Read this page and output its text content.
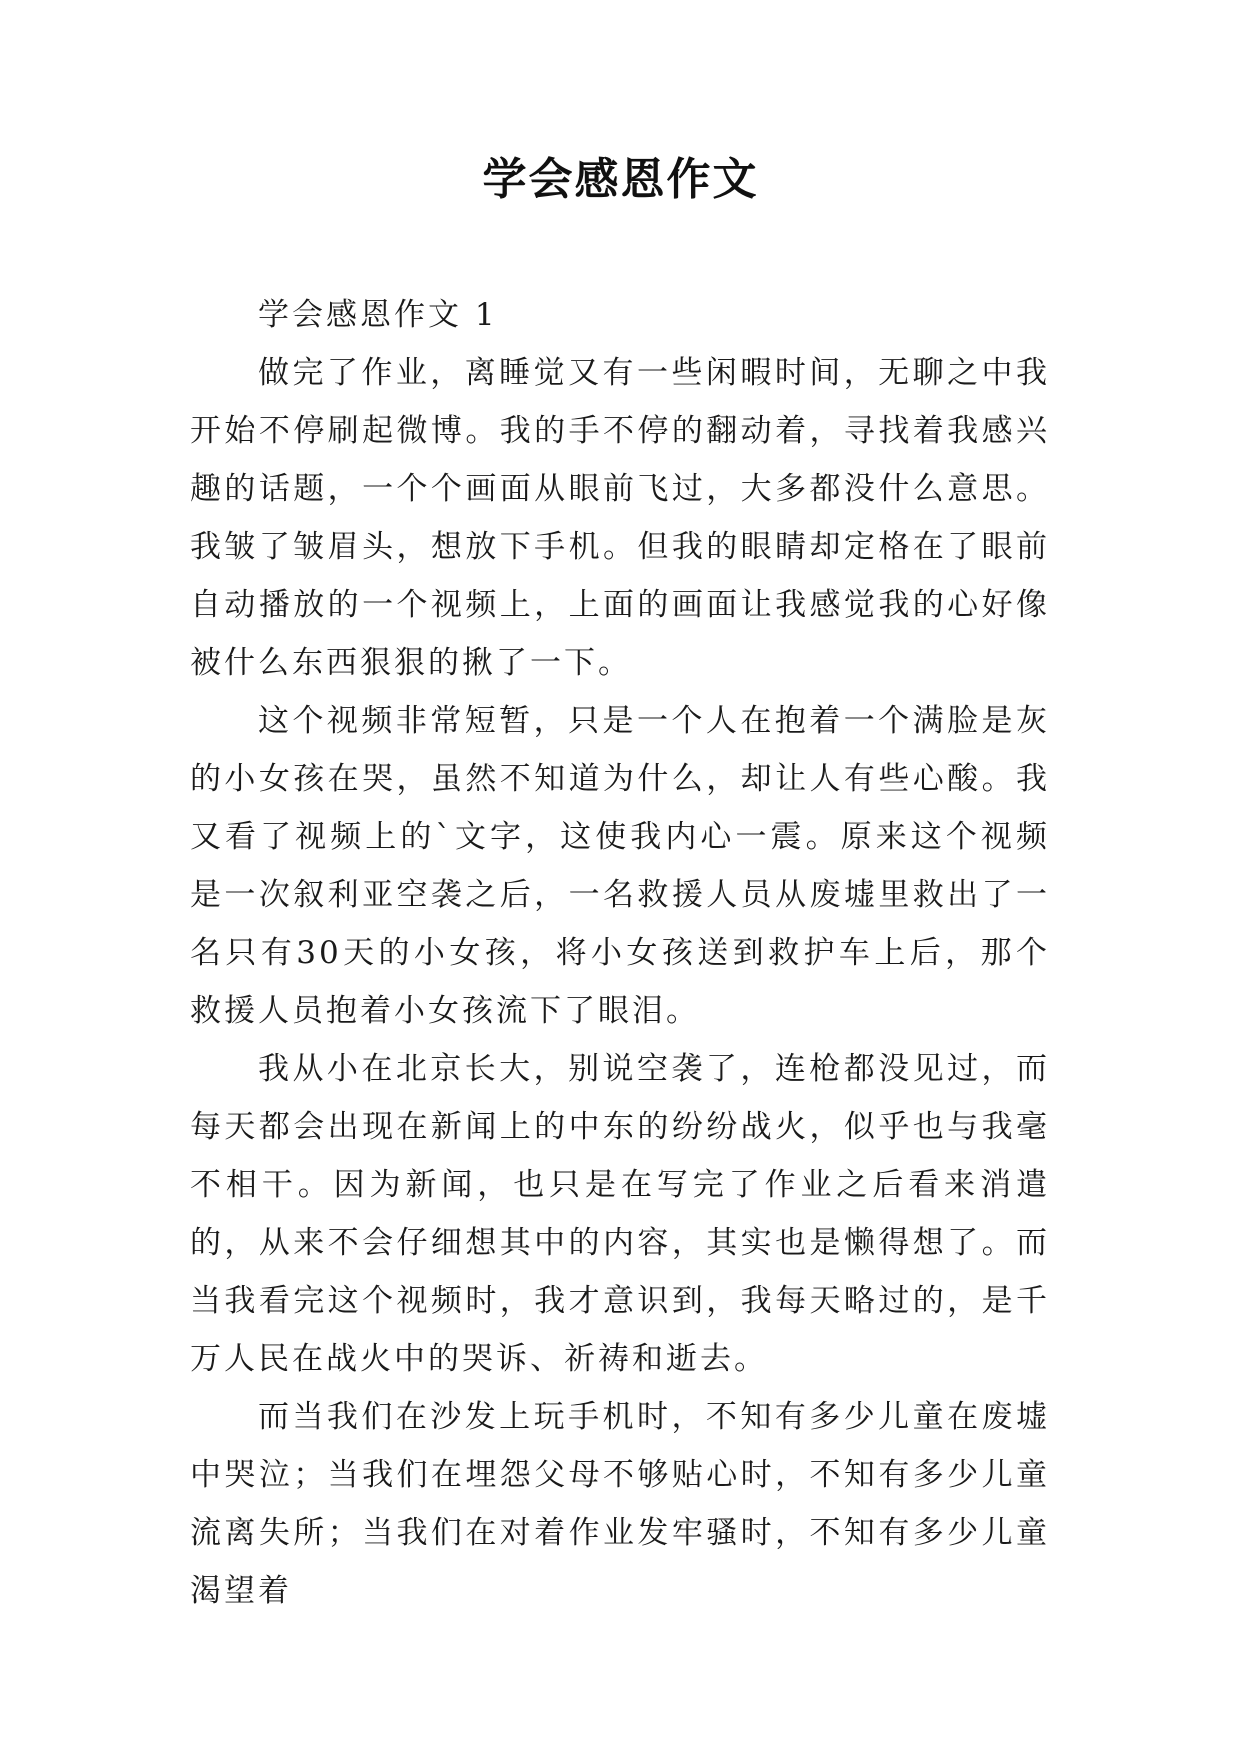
学会感恩作文

学会感恩作文 1

做完了作业，离睡觉又有一些闲暇时间，无聊之中我开始不停刷起微博。我的手不停的翻动着，寻找着我感兴趣的话题，一个个画面从眼前飞过，大多都没什么意思。我皱了皱眉头，想放下手机。但我的眼睛却定格在了眼前自动播放的一个视频上，上面的画面让我感觉我的心好像被什么东西狠狠的揪了一下。

这个视频非常短暂，只是一个人在抱着一个满脸是灰的小女孩在哭，虽然不知道为什么，却让人有些心酸。我又看了视频上的`文字，这使我内心一震。原来这个视频是一次叙利亚空袭之后，一名救援人员从废墟里救出了一名只有30天的小女孩，将小女孩送到救护车上后，那个救援人员抱着小女孩流下了眼泪。

我从小在北京长大，别说空袭了，连枪都没见过，而每天都会出现在新闻上的中东的纷纷战火，似乎也与我毫不相干。因为新闻，也只是在写完了作业之后看来消遣的，从来不会仔细想其中的内容，其实也是懒得想了。而当我看完这个视频时，我才意识到，我每天略过的，是千万人民在战火中的哭诉、祈祷和逝去。

而当我们在沙发上玩手机时，不知有多少儿童在废墟中哭泣；当我们在埋怨父母不够贴心时，不知有多少儿童流离失所；当我们在对着作业发牢骚时，不知有多少儿童渴望着
